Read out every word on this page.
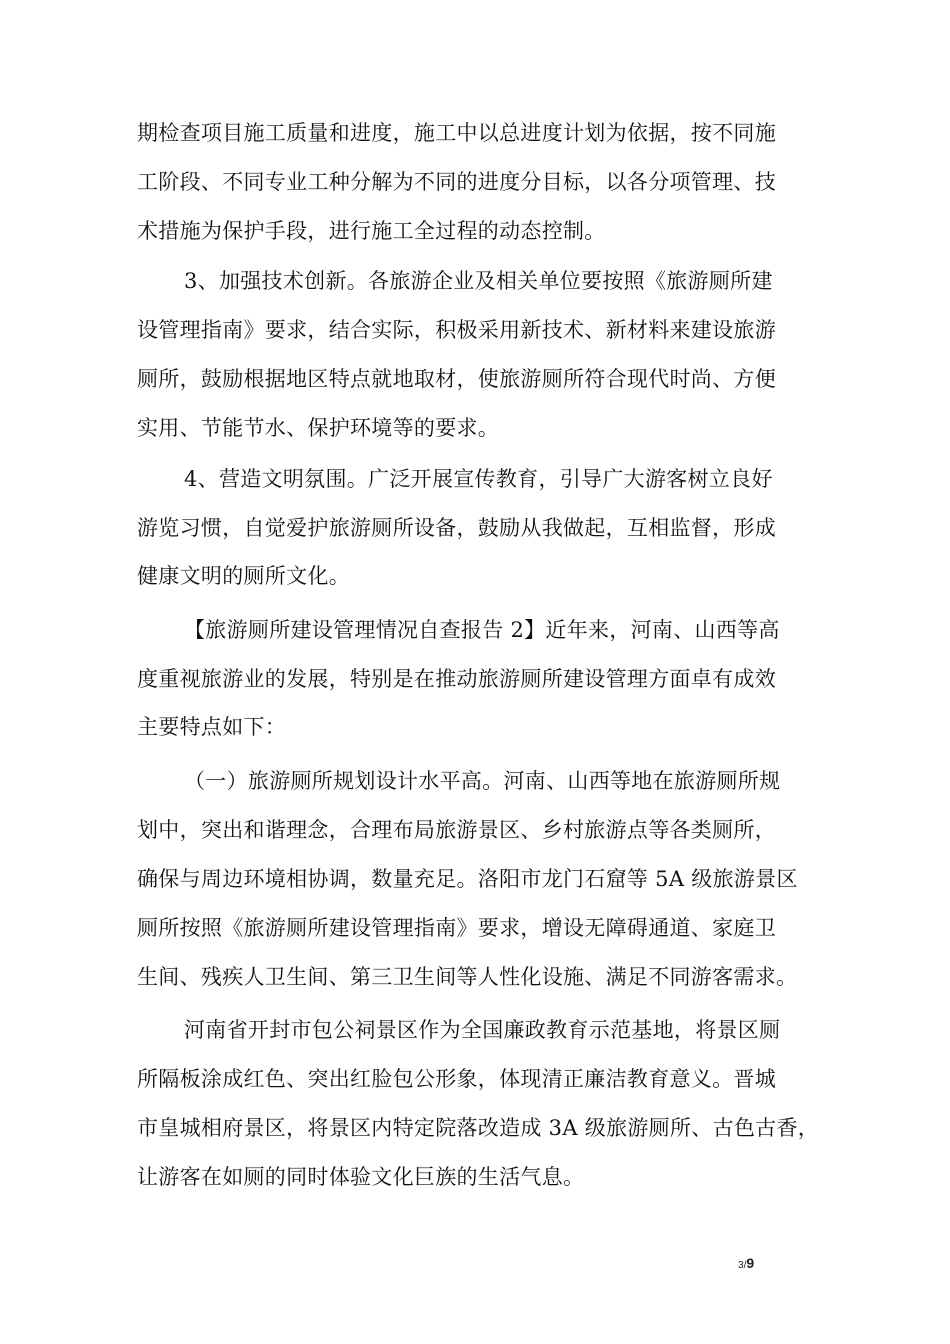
期检查项目施工质量和进度，施工中以总进度计划为依据，按不同施
工阶段、不同专业工种分解为不同的进度分目标，以各分项管理、技
术措施为保护手段，进行施工全过程的动态控制。
3、加强技术创新。各旅游企业及相关单位要按照《旅游厕所建
设管理指南》要求，结合实际，积极采用新技术、新材料来建设旅游
厕所，鼓励根据地区特点就地取材，使旅游厕所符合现代时尚、方便
实用、节能节水、保护环境等的要求。
4、营造文明氛围。广泛开展宣传教育，引导广大游客树立良好
游览习惯，自觉爱护旅游厕所设备，鼓励从我做起，互相监督，形成
健康文明的厕所文化。
【旅游厕所建设管理情况自查报告 2】近年来，河南、山西等高
度重视旅游业的发展，特别是在推动旅游厕所建设管理方面卓有成效
主要特点如下：
（一）旅游厕所规划设计水平高。河南、山西等地在旅游厕所规
划中，突出和谐理念，合理布局旅游景区、乡村旅游点等各类厕所，
确保与周边环境相协调，数量充足。洛阳市龙门石窟等 5A 级旅游景区
厕所按照《旅游厕所建设管理指南》要求，增设无障碍通道、家庭卫
生间、残疾人卫生间、第三卫生间等人性化设施、满足不同游客需求。
河南省开封市包公祠景区作为全国廉政教育示范基地，将景区厕
所隔板涂成红色、突出红脸包公形象，体现清正廉洁教育意义。晋城
市皇城相府景区，将景区内特定院落改造成 3A 级旅游厕所、古色古香，
让游客在如厕的同时体验文化巨族的生活气息。
3/9
